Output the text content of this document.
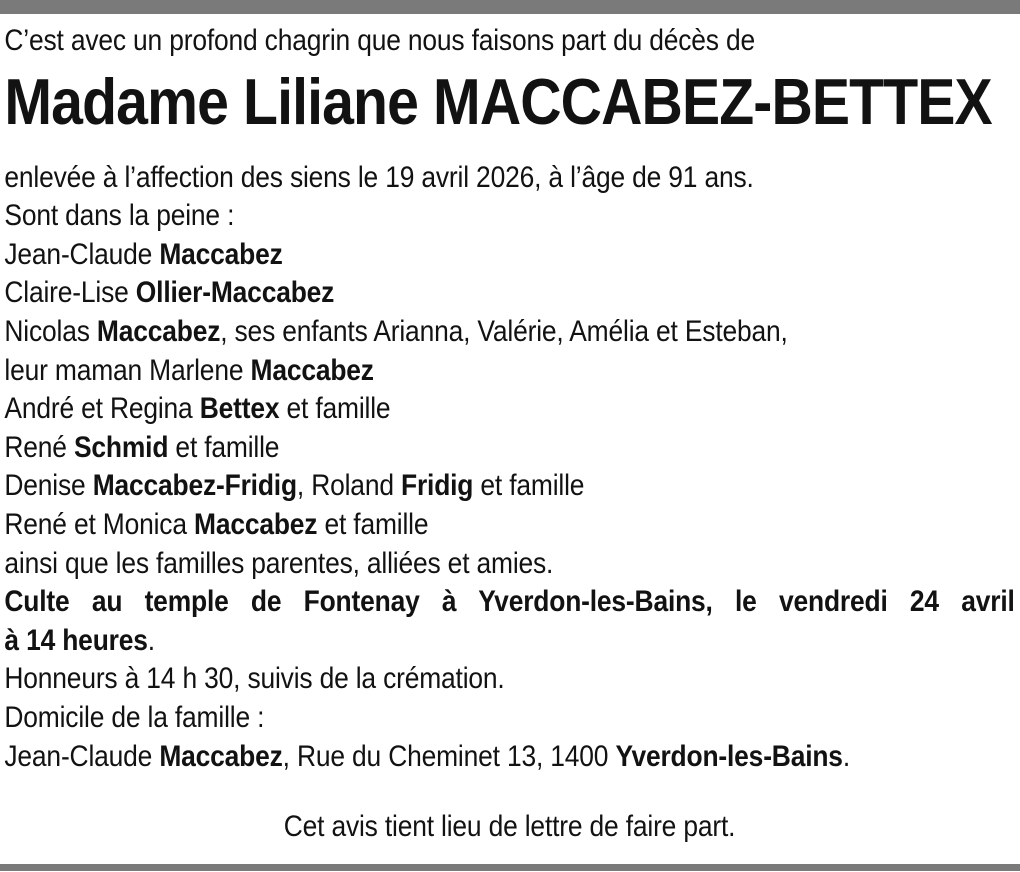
C’est avec un profond chagrin que nous faisons part du décès de

Madame Liliane MACCABEZ-BETTEX

enlevée à l’affection des siens le 19 avril 2026, à l’âge de 91 ans.

Sont dans la peine :

Jean-Claude Maccabez

Claire-Lise Ollier-Maccabez

Nicolas Maccabez, ses enfants Arianna, Valérie, Amélia et Esteban,

leur maman Marlene Maccabez

André et Regina Bettex et famille

René Schmid et famille

Denise Maccabez-Fridig, Roland Fridig et famille

René et Monica Maccabez et famille

ainsi que les familles parentes, alliées et amies.

Culte au temple de Fontenay à Yverdon-les-Bains, le vendredi 24 avril

à 14 heures.

Honneurs à 14 h 30, suivis de la crémation.

Domicile de la famille :

Jean-Claude Maccabez, Rue du Cheminet 13, 1400 Yverdon-les-Bains.

Cet avis tient lieu de lettre de faire part.
